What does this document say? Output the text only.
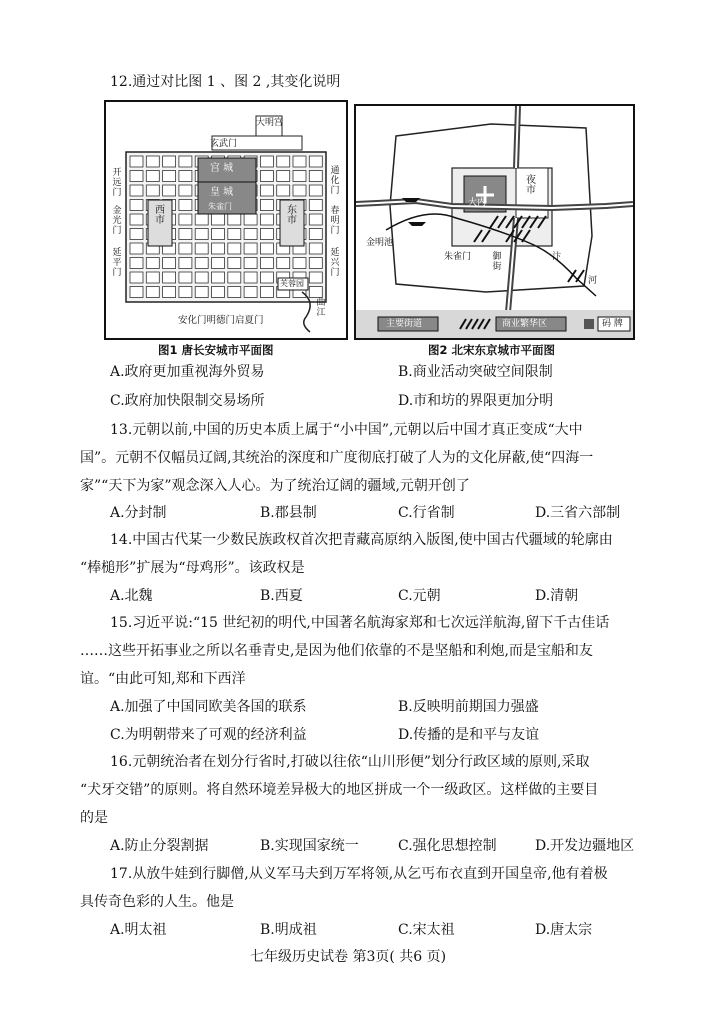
12.通过对比图 1 、图 2 ,其变化说明
大明宫
玄武门
宫 城
皇 城
朱雀门
开远门
金光门
延平门
西 市
东 市
通化门
春明门
延兴门
芙蓉园
曲江
安化门明德门启夏门
大内
夜 市
金明池
朱雀门 御 街
汴
河
主要街道	商业繁华区	码 牌
图1 唐长安城市平面图	图2 北宋东京城市平面图
A.政府更加重视海外贸易	B.商业活动突破空间限制
C.政府加快限制交易场所	D.市和坊的界限更加分明
13.元朝以前,中国的历史本质上属于“小中国”,元朝以后中国才真正变成“大中
国”。元朝不仅幅员辽阔,其统治的深度和广度彻底打破了人为的文化屏蔽,使“四海一
家”“天下为家”观念深入人心。为了统治辽阔的疆域,元朝开创了
A.分封制	B.郡县制	C.行省制	D.三省六部制
14.中国古代某一少数民族政权首次把青藏高原纳入版图,使中国古代疆域的轮廓由
“棒槌形”扩展为“母鸡形”。该政权是
A.北魏	B.西夏	C.元朝	D.清朝
15.习近平说:“15 世纪初的明代,中国著名航海家郑和七次远洋航海,留下千古佳话
……这些开拓事业之所以名垂青史,是因为他们依靠的不是坚船和利炮,而是宝船和友
谊。“由此可知,郑和下西洋
A.加强了中国同欧美各国的联系	B.反映明前期国力强盛
C.为明朝带来了可观的经济利益	D.传播的是和平与友谊
16.元朝统治者在划分行省时,打破以往依“山川形便”划分行政区域的原则,采取
“犬牙交错”的原则。将自然环境差异极大的地区拼成一个一级政区。这样做的主要目
的是
A.防止分裂割据	B.实现国家统一	C.强化思想控制	D.开发边疆地区
17.从放牛娃到行脚僧,从义军马夫到万军将领,从乞丐布衣直到开国皇帝,他有着极
具传奇色彩的人生。他是
A.明太祖	B.明成祖	C.宋太祖	D.唐太宗
七年级历史试卷 第3页( 共6 页)
